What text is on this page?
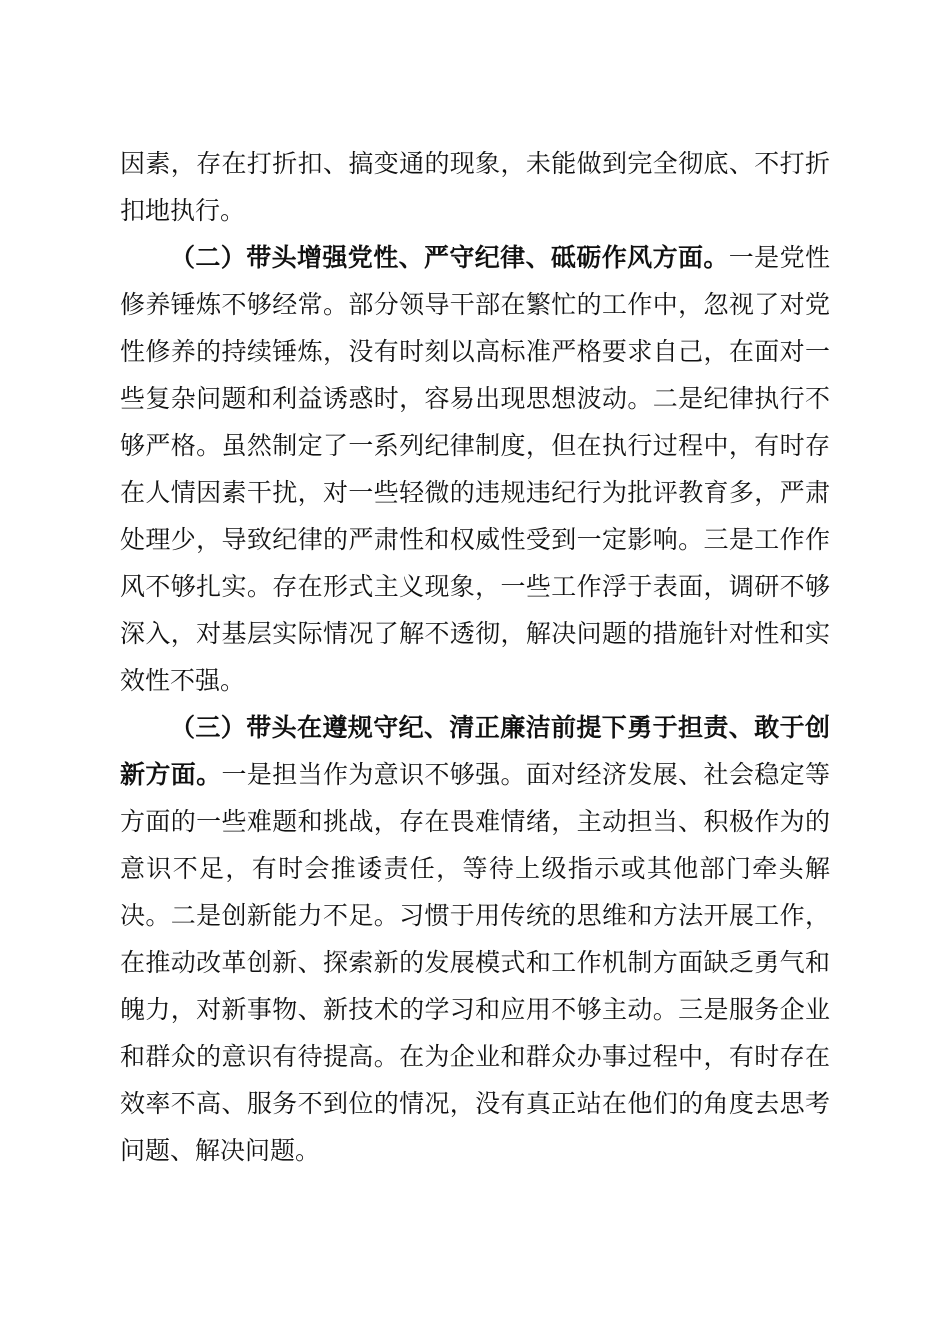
因素，存在打折扣、搞变通的现象，未能做到完全彻底、不打折扣地执行。

（二）带头增强党性、严守纪律、砥砺作风方面。一是党性修养锤炼不够经常。部分领导干部在繁忙的工作中，忽视了对党性修养的持续锤炼，没有时刻以高标准严格要求自己，在面对一些复杂问题和利益诱惑时，容易出现思想波动。二是纪律执行不够严格。虽然制定了一系列纪律制度，但在执行过程中，有时存在人情因素干扰，对一些轻微的违规违纪行为批评教育多，严肃处理少，导致纪律的严肃性和权威性受到一定影响。三是工作作风不够扎实。存在形式主义现象，一些工作浮于表面，调研不够深入，对基层实际情况了解不透彻，解决问题的措施针对性和实效性不强。

（三）带头在遵规守纪、清正廉洁前提下勇于担责、敢于创新方面。一是担当作为意识不够强。面对经济发展、社会稳定等方面的一些难题和挑战，存在畏难情绪，主动担当、积极作为的意识不足，有时会推诿责任，等待上级指示或其他部门牵头解决。二是创新能力不足。习惯于用传统的思维和方法开展工作，在推动改革创新、探索新的发展模式和工作机制方面缺乏勇气和魄力，对新事物、新技术的学习和应用不够主动。三是服务企业和群众的意识有待提高。在为企业和群众办事过程中，有时存在效率不高、服务不到位的情况，没有真正站在他们的角度去思考问题、解决问题。
